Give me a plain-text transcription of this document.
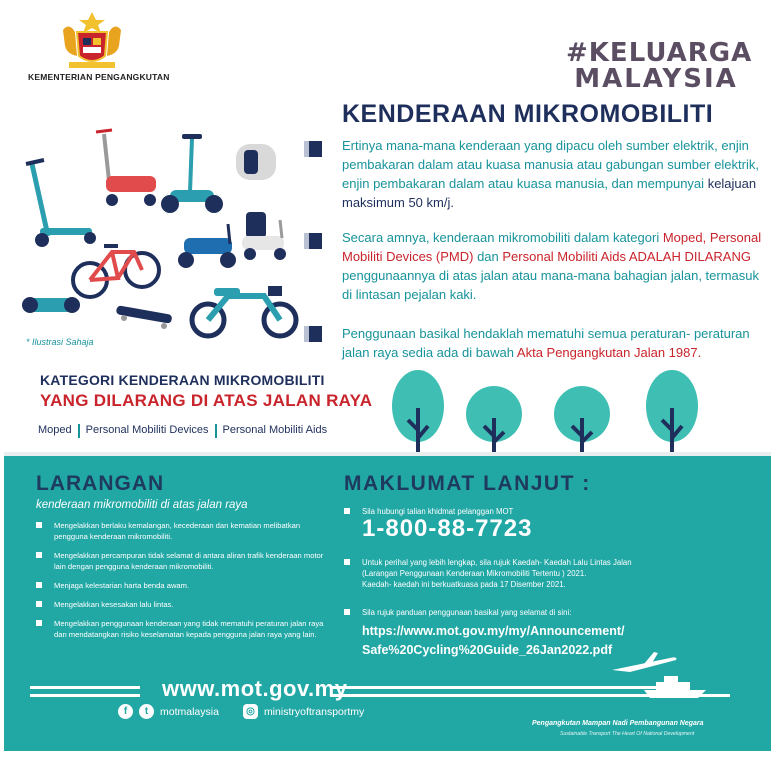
KEMENTERIAN PENGANGKUTAN
#KELUARGA
MALAYSIA
KENDERAAN MIKROMOBILITI
* Ilustrasi Sahaja
Ertinya mana-mana kenderaan yang dipacu oleh sumber elektrik, enjin pembakaran dalam atau kuasa manusia atau gabungan sumber elektrik, enjin pembakaran dalam atau kuasa manusia, dan mempunyai kelajuan maksimum 50 km/j.
Secara amnya, kenderaan mikromobiliti dalam kategori Moped, Personal Mobiliti Devices (PMD) dan Personal Mobiliti Aids ADALAH DILARANG penggunaannya di atas jalan atau mana-mana bahagian jalan, termasuk di lintasan pejalan kaki.
Penggunaan basikal hendaklah mematuhi semua peraturan- peraturan jalan raya sedia ada di bawah Akta Pengangkutan Jalan 1987.
KATEGORI KENDERAAN MIKROMOBILITI
YANG DILARANG DI ATAS JALAN RAYA
Moped Personal Mobiliti Devices Personal Mobiliti Aids
LARANGAN
kenderaan mikromobiliti di atas jalan raya
Mengelakkan berlaku kemalangan, kecederaan dan kematian melibatkan pengguna kenderaan mikromobiliti.
Mengelakkan percampuran tidak selamat di antara aliran trafik kenderaan motor lain dengan pengguna kenderaan mikromobiliti.
Menjaga kelestarian harta benda awam.
Mengelakkan kesesakan lalu lintas.
Mengelakkan penggunaan kenderaan yang tidak mematuhi peraturan jalan raya dan mendatangkan risiko keselamatan kepada pengguna jalan raya yang lain.
MAKLUMAT LANJUT :
Sila hubungi talian khidmat pelanggan MOT
1-800-88-7723
Untuk perihal yang lebih lengkap, sila rujuk Kaedah- Kaedah Lalu Lintas Jalan
(Larangan Penggunaan Kenderaan Mikromobiliti Tertentu ) 2021.
Kaedah- kaedah ini berkuatkuasa pada 17 Disember 2021.
Sila rujuk panduan penggunaan basikal yang selamat di sini:
https://www.mot.gov.my/my/Announcement/
Safe%20Cycling%20Guide_26Jan2022.pdf
www.mot.gov.my
f	t	motmalaysia	◎ ministryoftransportmy
Pengangkutan Mampan Nadi Pembangunan Negara
Sustainable Transport The Heart Of National Development
